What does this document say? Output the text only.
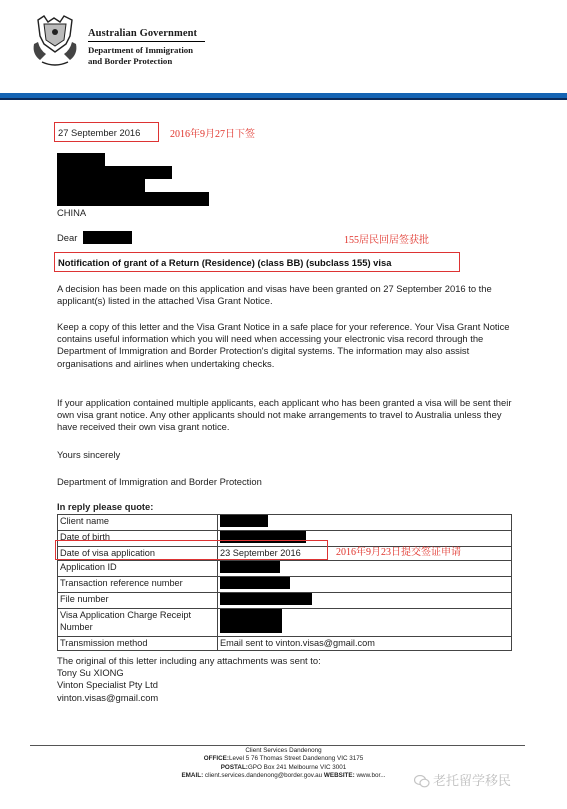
Australian Government
Department of Immigration
and Border Protection
27 September 2016	2016年9月27日下签
CHINA
Dear	155居民回居签获批
Notification of grant of a Return (Residence) (class BB) (subclass 155) visa
A decision has been made on this application and visas have been granted on 27 September 2016 to the applicant(s) listed in the attached Visa Grant Notice.
Keep a copy of this letter and the Visa Grant Notice in a safe place for your reference. Your Visa Grant Notice contains useful information which you will need when accessing your electronic visa record through the Department of Immigration and Border Protection's digital systems. The information may also assist organisations and airlines when undertaking checks.
If your application contained multiple applicants, each applicant who has been granted a visa will be sent their own visa grant notice. Any other applicants should not make arrangements to travel to Australia unless they have received their own visa grant notice.
Yours sincerely
Department of Immigration and Border Protection
In reply please quote:
Client name	
Date of birth	
Date of visa application	23 September 2016
Application ID	
Transaction reference number	
File number	
Visa Application Charge Receipt Number	
Transmission method	Email sent to vinton.visas@gmail.com
2016年9月23日提交签证申请
The original of this letter including any attachments was sent to:
Tony Su XIONG
Vinton Specialist Pty Ltd
vinton.visas@gmail.com
Client Services Dandenong
OFFICE:Level 5 76 Thomas Street Dandenong VIC 3175
POSTAL:GPO Box 241 Melbourne VIC 3001
EMAIL: client.services.dandenong@border.gov.au WEBSITE: www.bor...	老托留学移民
